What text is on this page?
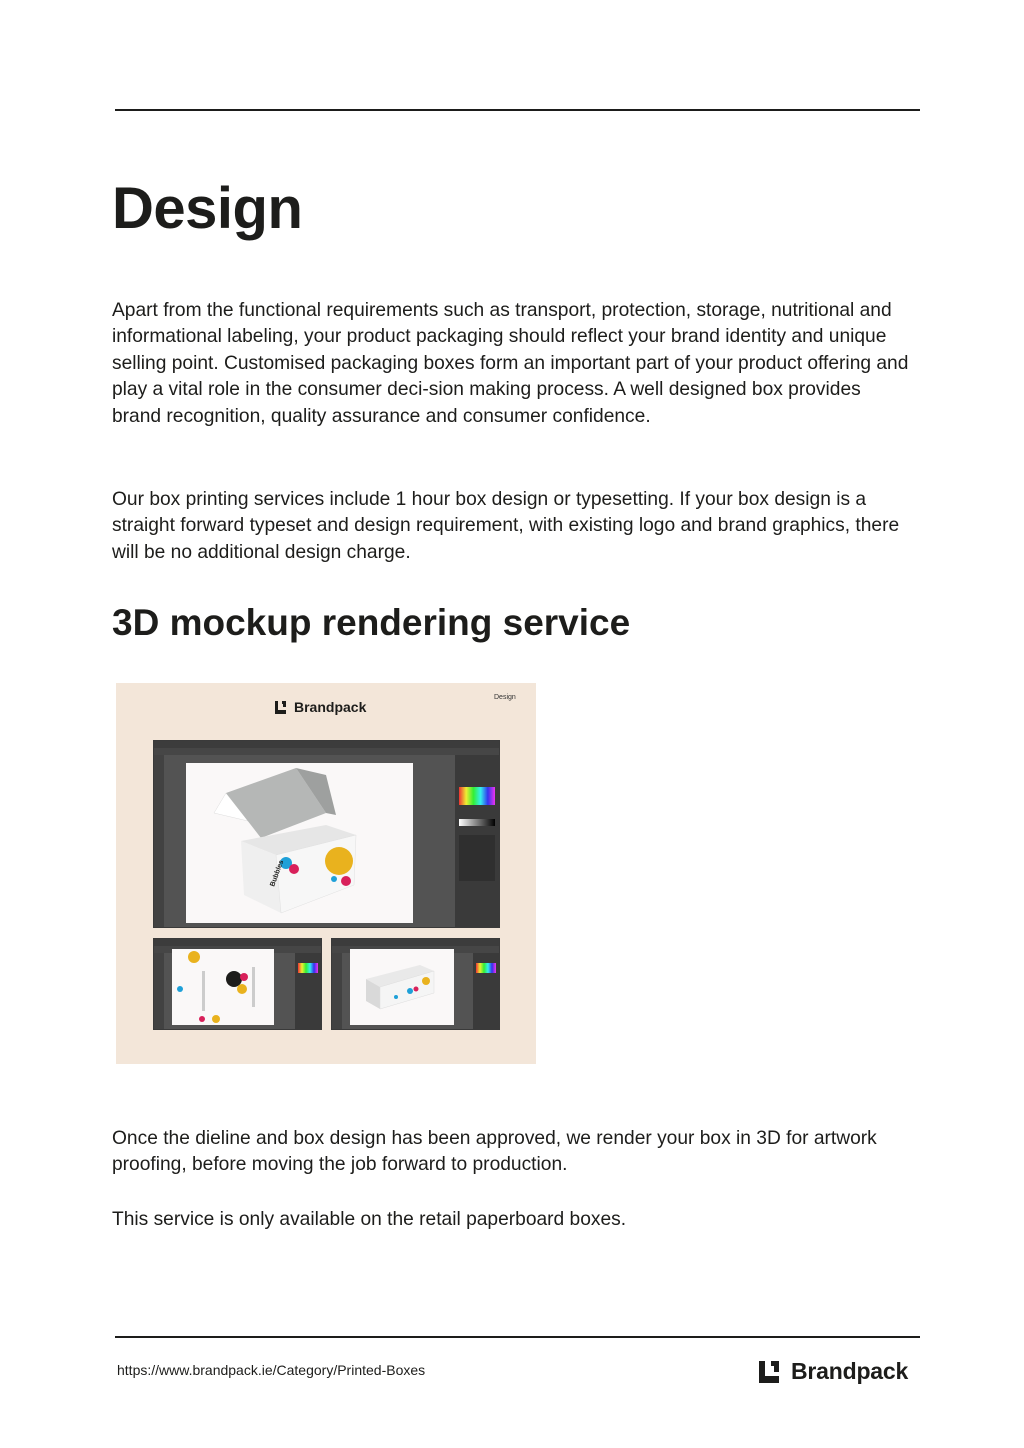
Design

Apart from the functional requirements such as transport, protection, storage, nutritional and informational labeling, your product packaging should reflect your brand identity and unique selling point. Customised packaging boxes form an important part of your product offering and play a vital role in the consumer deci-sion making process. A well designed box provides brand recognition, quality assurance and consumer confidence.

Our box printing services include 1 hour box design or typesetting. If your box design is a straight forward typeset and design requirement, with existing logo and brand graphics, there will be no additional design charge.

3D mockup rendering service
Brandpack
Design
Bubbles

Once the dieline and box design has been approved, we render your box in 3D for artwork proofing, before moving the job forward to production.

This service is only available on the retail paperboard boxes.

https://www.brandpack.ie/Category/Printed-Boxes	Brandpack
